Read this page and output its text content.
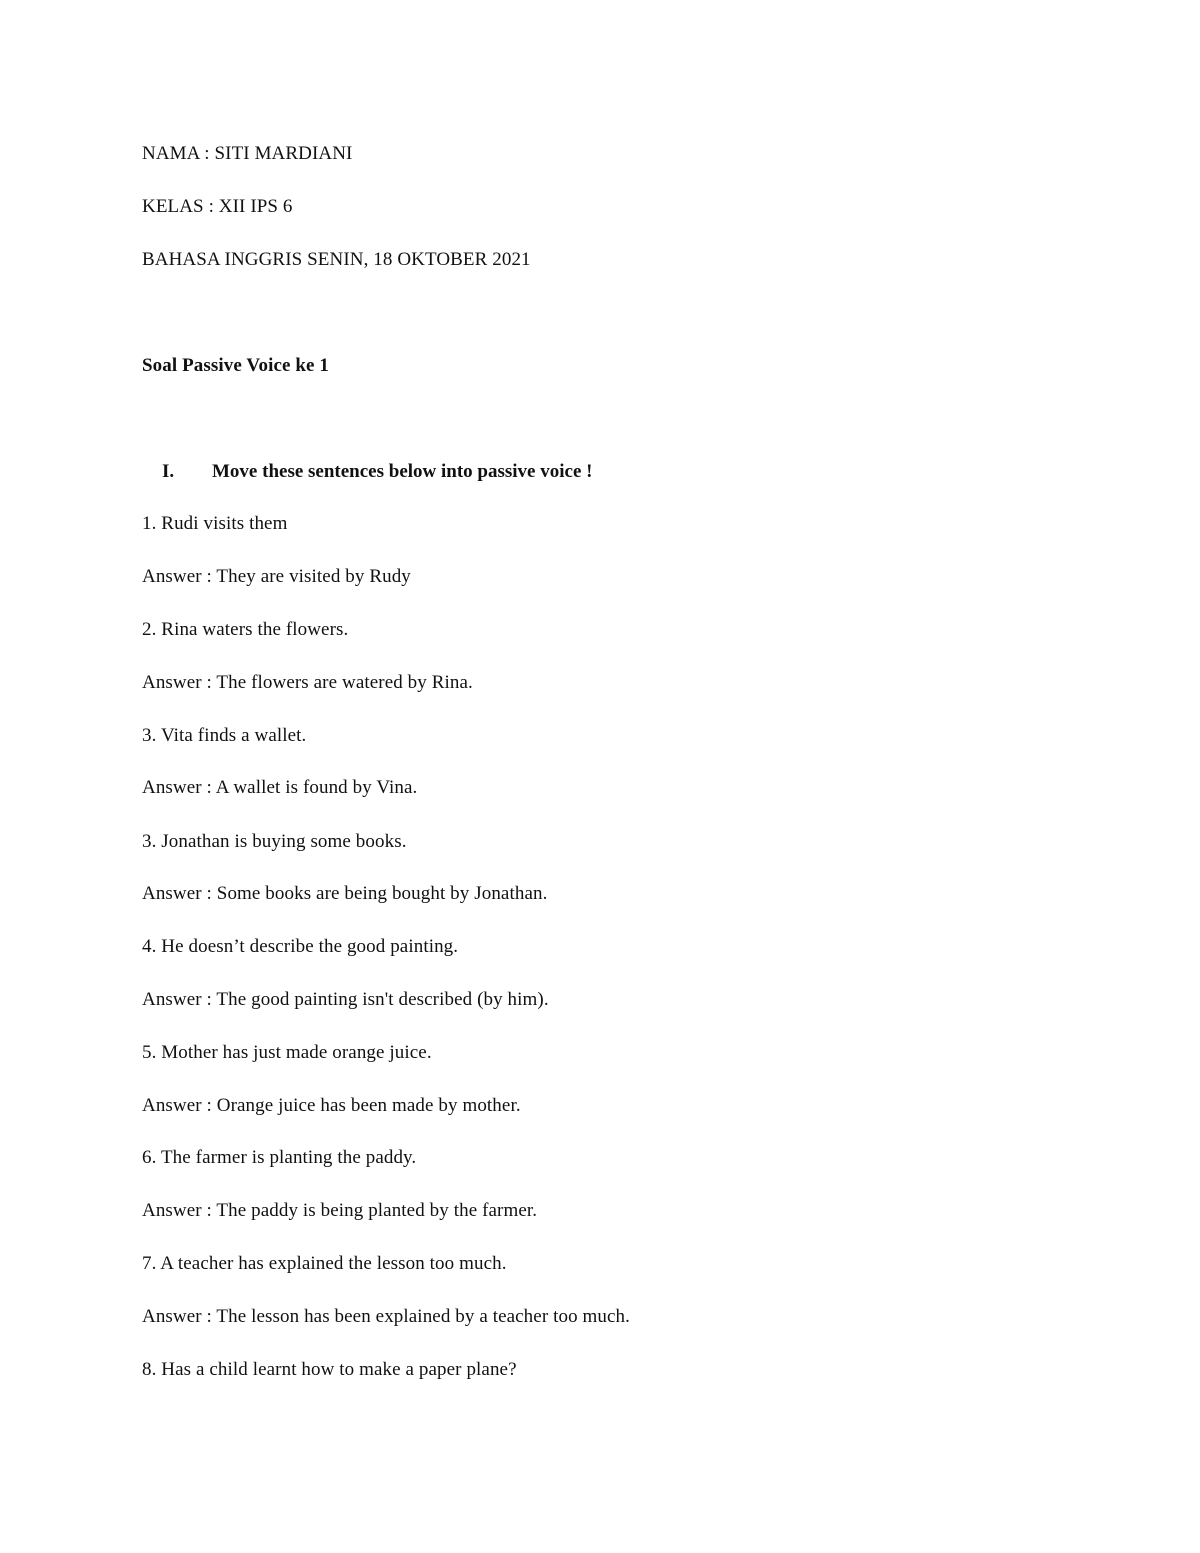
NAMA : SITI MARDIANI
KELAS : XII IPS 6
BAHASA INGGRIS SENIN, 18 OKTOBER 2021
Soal Passive Voice ke 1
I. Move these sentences below into passive voice !
1. Rudi visits them
Answer : They are visited by Rudy
2. Rina waters the flowers.
Answer : The flowers are watered by Rina.
3. Vita finds a wallet.
Answer : A wallet is found by Vina.
3. Jonathan is buying some books.
Answer : Some books are being bought by Jonathan.
4. He doesn’t describe the good painting.
Answer : The good painting isn't described (by him).
5. Mother has just made orange juice.
Answer : Orange juice has been made by mother.
6. The farmer is planting the paddy.
Answer : The paddy is being planted by the farmer.
7. A teacher has explained the lesson too much.
Answer : The lesson has been explained by a teacher too much.
8. Has a child learnt how to make a paper plane?
